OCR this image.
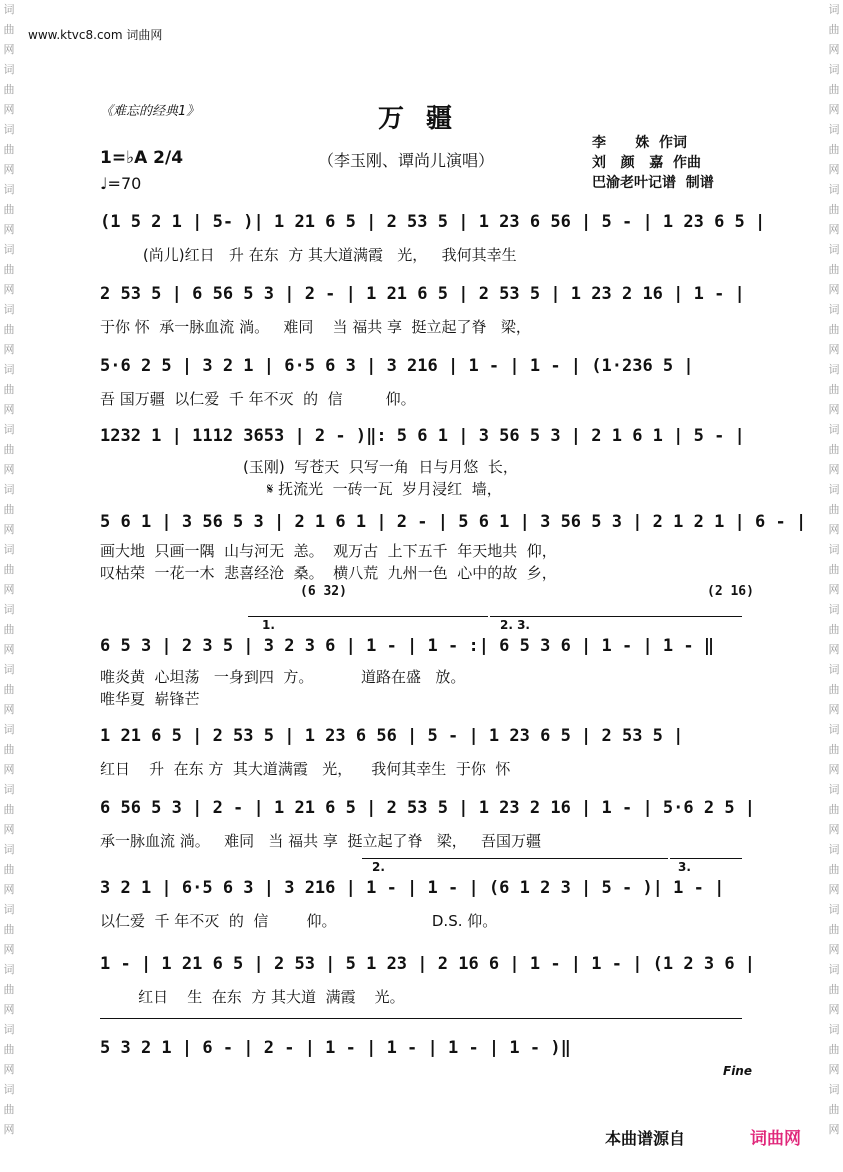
词
曲
网
词
曲
网
词
曲
网
词
曲
网
词
曲
网
词
曲
网
词
曲
网
词
曲
网
词
曲
网
词
曲
网
词
曲
网
词
曲
网
词
曲
网
词
曲
网
词
曲
网
词
曲
网
词
曲
网
词
曲
网
词
曲
网
词
曲
网
词
曲
网
词
曲
网
词
曲
网
词
曲
网
词
曲
网
词
曲
网
词
曲
网
词
曲
网
词
曲
网
词
曲
网
词
曲
网
词
曲
网
词
曲
网
词
曲
网
词
曲
网
词
曲
网
词
曲
网
词
曲
网
www.ktvc8.com 词曲网
《难忘的经典1》	万疆
（李玉刚、谭尚儿演唱）
李      姝  作词
刘   颜   嘉  作曲
巴渝老叶记谱  制谱
1=♭A 2/4
♩=70
(1 5 2 1 | 5- )| 1 21 6 5 | 2 53 5 | 1 23 6 56 | 5 - | 1 23 6 5 |
(尚儿)红日   升 在东  方 其大道满霞   光，   我何其幸生
2 53 5 | 6 56 5 3 | 2 - | 1 21 6 5 | 2 53 5 | 1 23 2 16 | 1 - |
于你 怀  承一脉血流 淌。   难同    当 福共 享  挺立起了脊   梁，
5·6 2 5 | 3 2 1 | 6·5 6 3 | 3 216 | 1 - | 1 - | (1·236 5 |
吾 国万疆  以仁爱  千 年不灭  的  信         仰。
1232 1 | 1112 3653 | 2 - )‖: 5 6 1 | 3 56 5 3 | 2 1 6 1 | 5 - |
(玉刚)  写苍天  只写一角  日与月悠  长，
𝄋 抚流光  一砖一瓦  岁月浸红  墙，
5 6 1 | 3 56 5 3 | 2 1 6 1 | 2 - | 5 6 1 | 3 56 5 3 | 2 1 2 1 | 6 - |
画大地  只画一隅  山与河无  恙。  观万古  上下五千  年天地共  仰，
叹枯荣  一花一木  悲喜经沧  桑。  横八荒  九州一色  心中的故  乡，
(6 32)                                              (2 16)
1.	2. 3.
6 5 3 | 2 3 5 | 3 2 3 6 | 1 - | 1 - :| 6 5 3 6 | 1 - | 1 - ‖
唯炎黄  心坦荡   一身到四  方。          道路在盛   放。
唯华夏  崭锋芒
1 21 6 5 | 2 53 5 | 1 23 6 56 | 5 - | 1 23 6 5 | 2 53 5 |
红日    升  在东 方  其大道满霞   光，    我何其幸生  于你  怀
6 56 5 3 | 2 - | 1 21 6 5 | 2 53 5 | 1 23 2 16 | 1 - | 5·6 2 5 |
承一脉血流 淌。   难同   当 福共 享  挺立起了脊   梁，   吾国万疆
2.	3.
3 2 1 | 6·5 6 3 | 3 216 | 1 - | 1 - | (6 1 2 3 | 5 - )| 1 - |
以仁爱  千 年不灭  的  信        仰。                    D.S. 仰。
1 - | 1 21 6 5 | 2 53 | 5 1 23 | 2 16 6 | 1 - | 1 - | (1 2 3 6 |
红日    生  在东  方 其大道  满霞    光。
5 3 2 1 | 6 - | 2 - | 1 - | 1 - | 1 - | 1 - )‖
Fine
本曲谱源自	词曲网
